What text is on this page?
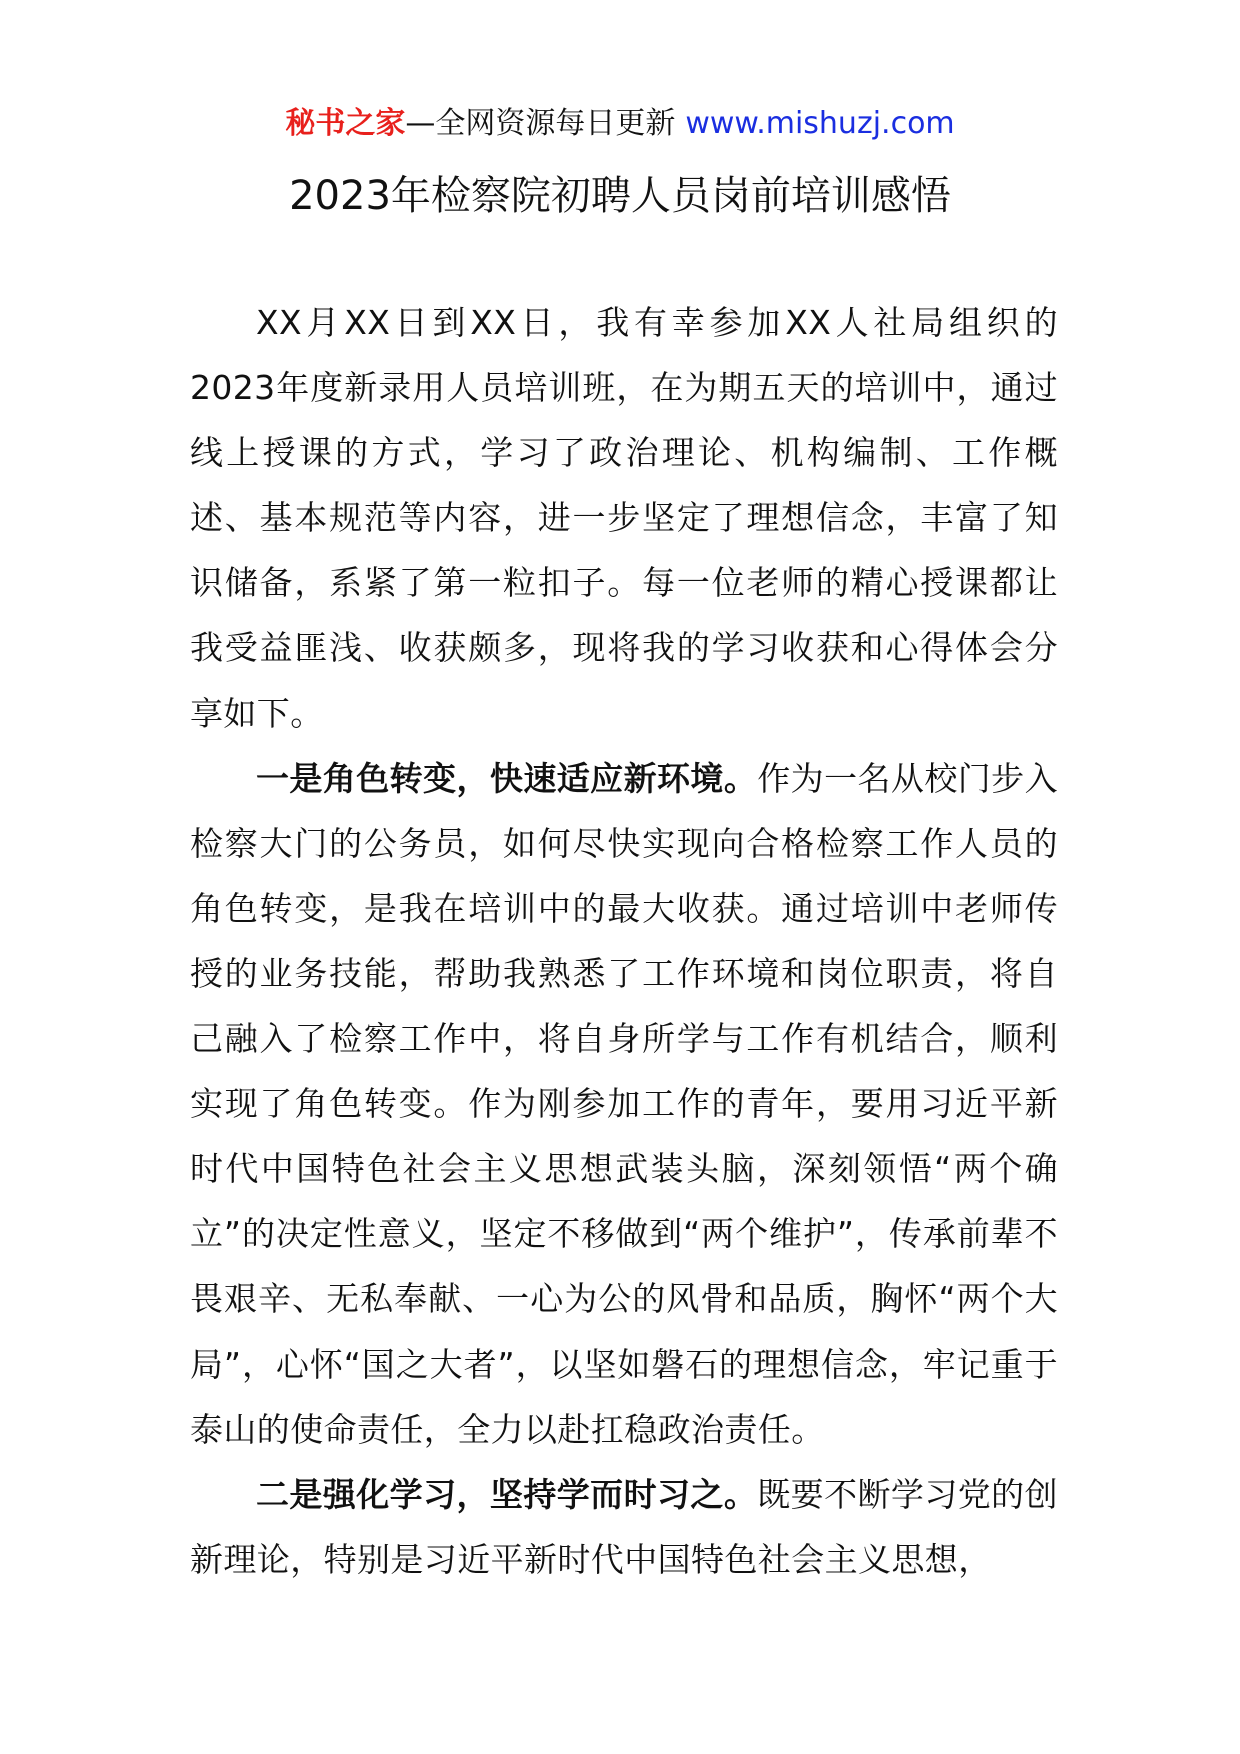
秘书之家—全网资源每日更新 www.mishuzj.com
2023年检察院初聘人员岗前培训感悟

XX月XX日到XX日，我有幸参加XX人社局组织的2023年度新录用人员培训班，在为期五天的培训中，通过线上授课的方式，学习了政治理论、机构编制、工作概述、基本规范等内容，进一步坚定了理想信念，丰富了知识储备，系紧了第一粒扣子。每一位老师的精心授课都让我受益匪浅、收获颇多，现将我的学习收获和心得体会分享如下。

一是角色转变，快速适应新环境。作为一名从校门步入检察大门的公务员，如何尽快实现向合格检察工作人员的角色转变，是我在培训中的最大收获。通过培训中老师传授的业务技能，帮助我熟悉了工作环境和岗位职责，将自己融入了检察工作中，将自身所学与工作有机结合，顺利实现了角色转变。作为刚参加工作的青年，要用习近平新时代中国特色社会主义思想武装头脑，深刻领悟“两个确立”的决定性意义，坚定不移做到“两个维护”，传承前辈不畏艰辛、无私奉献、一心为公的风骨和品质，胸怀“两个大局”，心怀“国之大者”，以坚如磐石的理想信念，牢记重于泰山的使命责任，全力以赴扛稳政治责任。

二是强化学习，坚持学而时习之。既要不断学习党的创新理论，特别是习近平新时代中国特色社会主义思想，
